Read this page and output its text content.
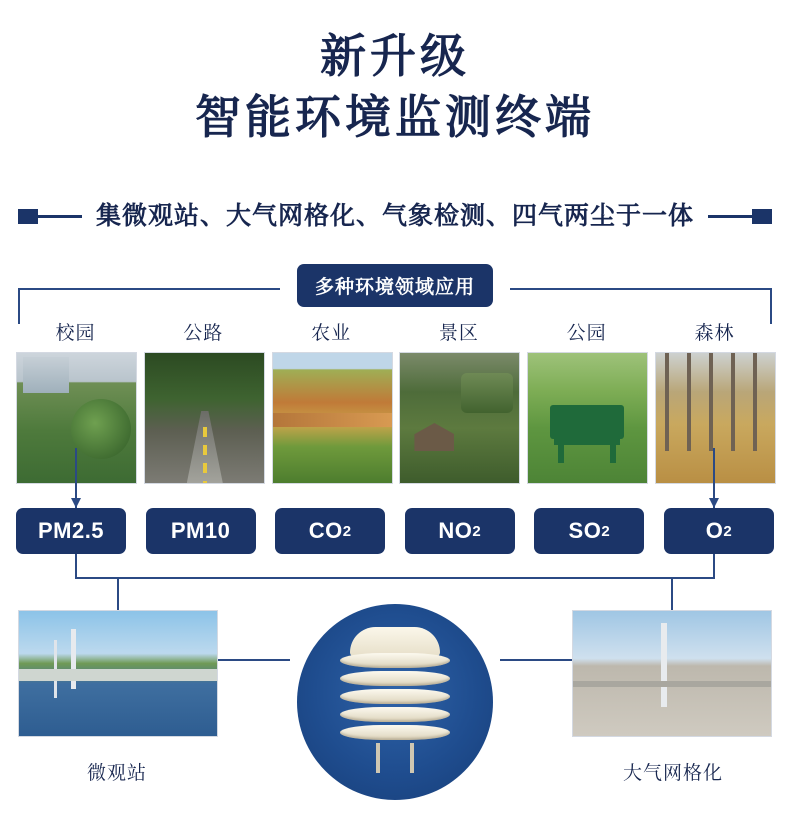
新升级
智能环境监测终端
集微观站、大气网格化、气象检测、四气两尘于一体
多种环境领域应用
校园	公路	农业	景区	公园	森林
PM2.5	PM10	CO 2	NO 2	SO 2	O 2
微观站	大气网格化
